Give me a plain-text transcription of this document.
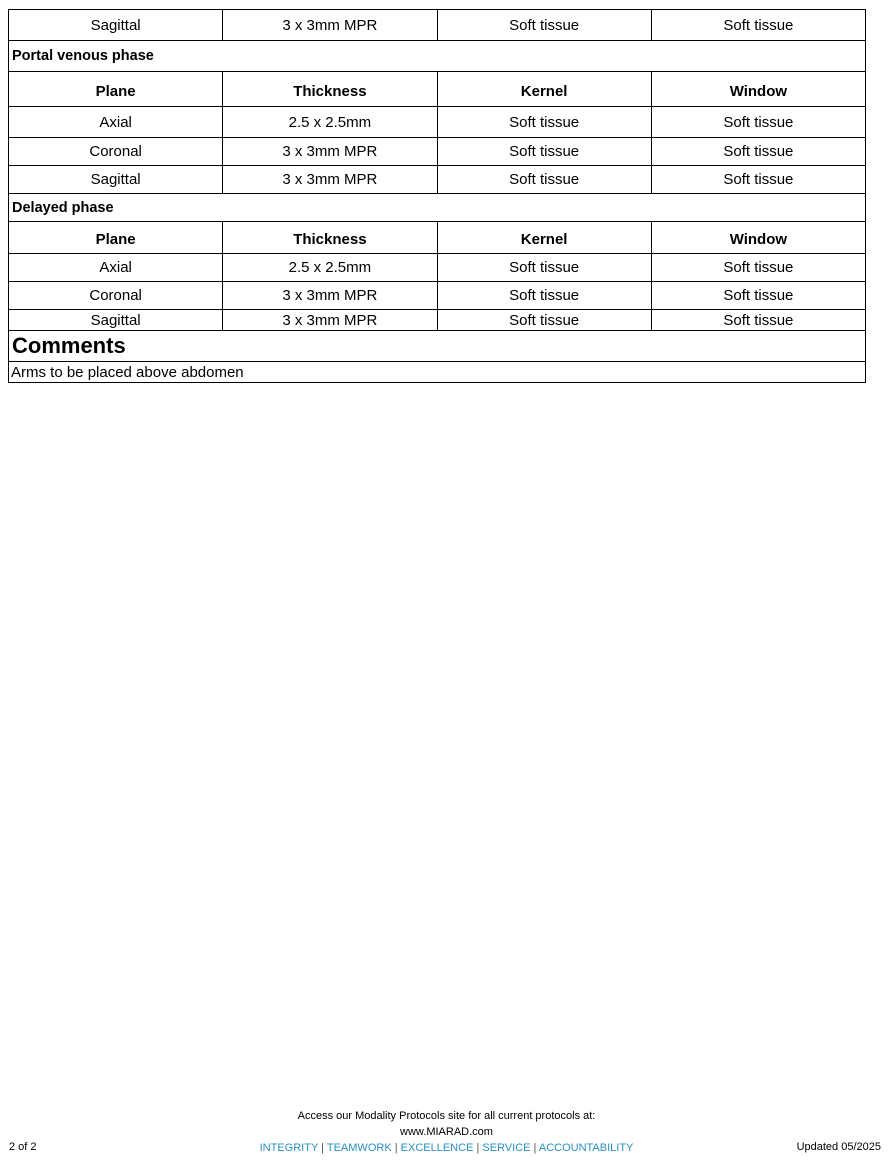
Sagittal	3 x 3mm MPR	Soft tissue	Soft tissue
Portal venous phase			
Plane	Thickness	Kernel	Window
Axial	2.5 x 2.5mm	Soft tissue	Soft tissue
Coronal	3 x 3mm MPR	Soft tissue	Soft tissue
Sagittal	3 x 3mm MPR	Soft tissue	Soft tissue
Delayed phase			
Plane	Thickness	Kernel	Window
Axial	2.5 x 2.5mm	Soft tissue	Soft tissue
Coronal	3 x 3mm MPR	Soft tissue	Soft tissue
Sagittal	3 x 3mm MPR	Soft tissue	Soft tissue
Comments			
Arms to be placed above abdomen			
Access our Modality Protocols site for all current protocols at:
www.MIARAD.com
INTEGRITY | TEAMWORK | EXCELLENCE | SERVICE | ACCOUNTABILITY
2 of 2	Updated 05/2025
